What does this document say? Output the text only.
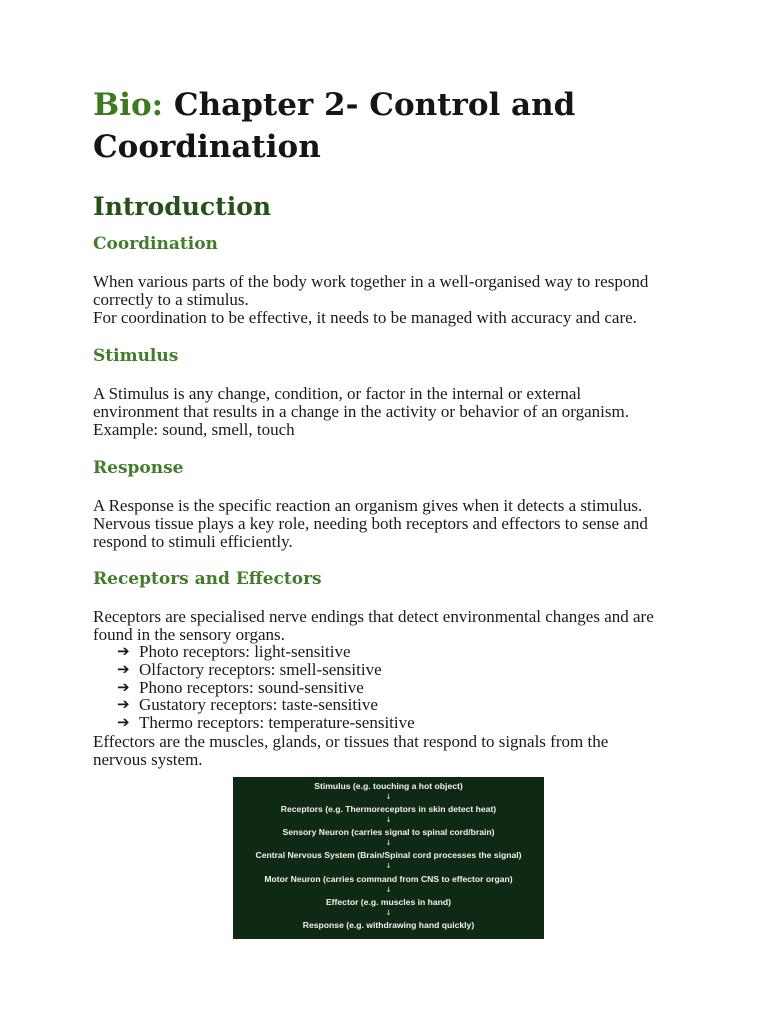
Bio: Chapter 2- Control and
Coordination
Introduction
Coordination

When various parts of the body work together in a well-organised way to respond
correctly to a stimulus.
For coordination to be effective, it needs to be managed with accuracy and care.

Stimulus

A Stimulus is any change, condition, or factor in the internal or external
environment that results in a change in the activity or behavior of an organism.
Example: sound, smell, touch

Response

A Response is the specific reaction an organism gives when it detects a stimulus.
Nervous tissue plays a key role, needing both receptors and effectors to sense and
respond to stimuli efficiently.

Receptors and Effectors

Receptors are specialised nerve endings that detect environmental changes and are
found in the sensory organs.

➔ Photo receptors: light-sensitive
➔ Olfactory receptors: smell-sensitive
➔ Phono receptors: sound-sensitive
➔ Gustatory receptors: taste-sensitive
➔ Thermo receptors: temperature-sensitive

Effectors are the muscles, glands, or tissues that respond to signals from the
nervous system.

Stimulus (e.g. touching a hot object)
↓
Receptors (e.g. Thermoreceptors in skin detect heat)
↓
Sensory Neuron (carries signal to spinal cord/brain)
↓
Central Nervous System (Brain/Spinal cord processes the signal)
↓
Motor Neuron (carries command from CNS to effector organ)
↓
Effector (e.g. muscles in hand)
↓
Response (e.g. withdrawing hand quickly)
